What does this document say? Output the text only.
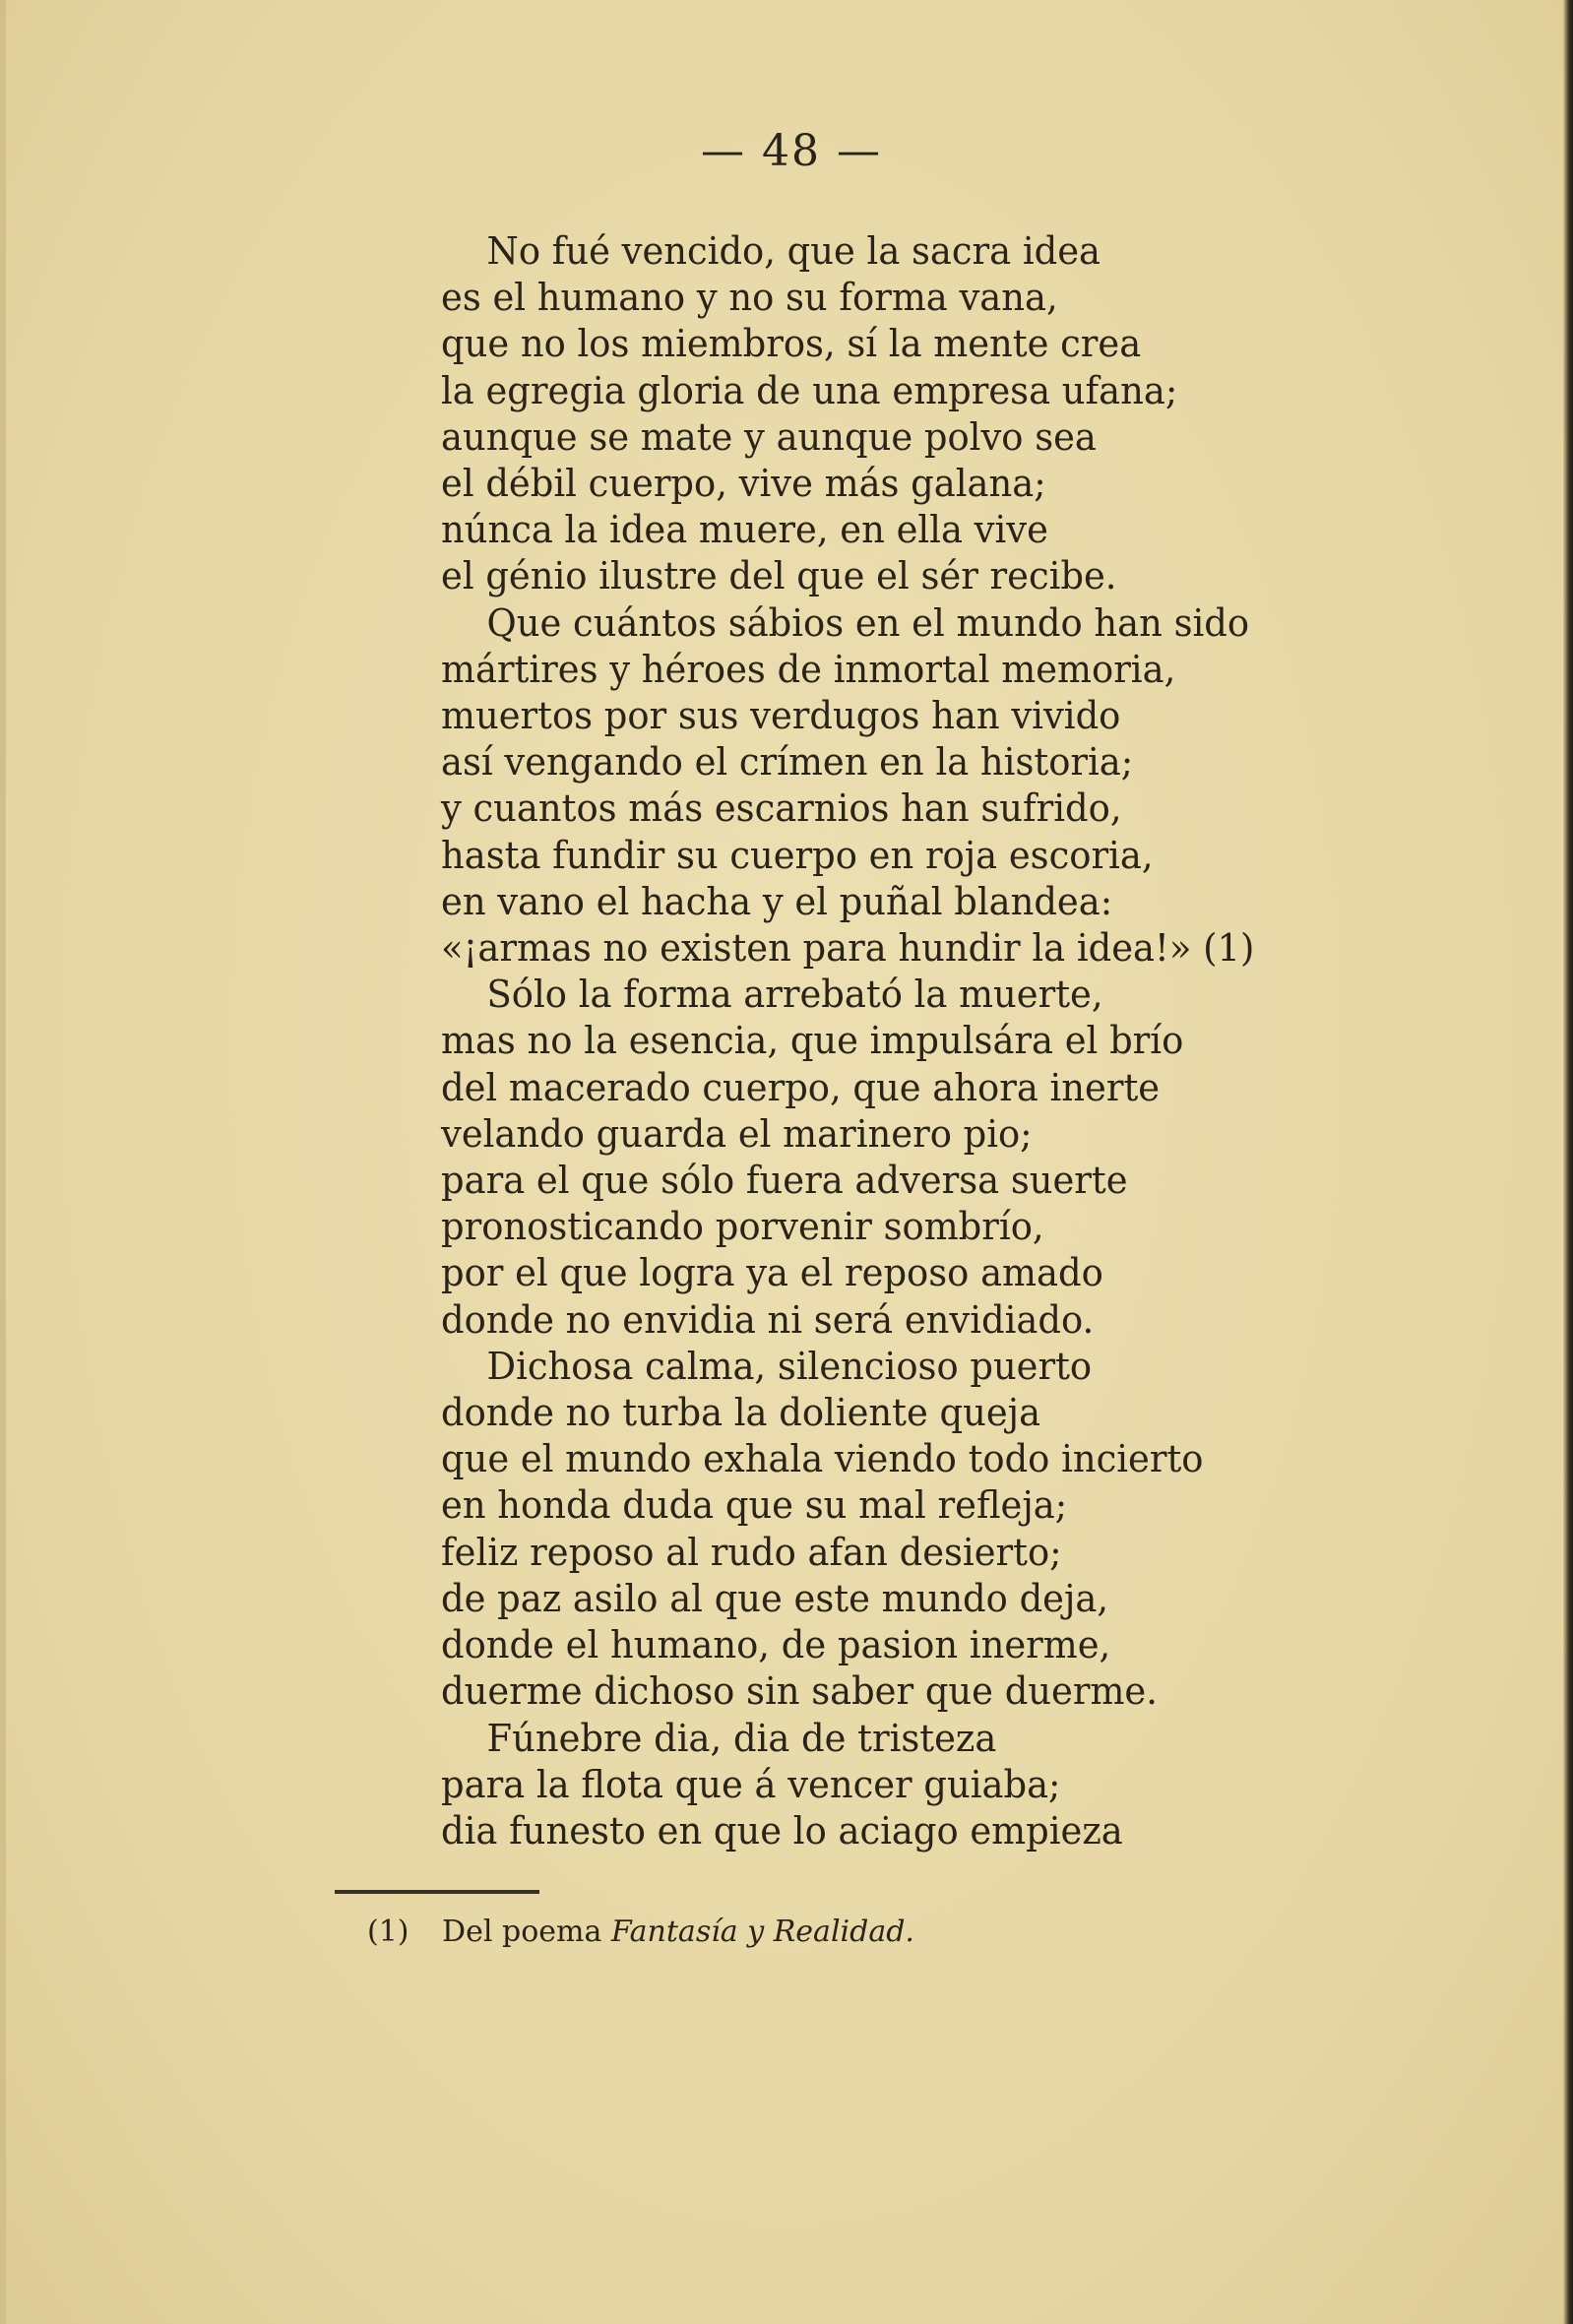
— 48 —
No fué vencido, que la sacra idea
es el humano y no su forma vana,
que no los miembros, sí la mente crea
la egregia gloria de una empresa ufana;
aunque se mate y aunque polvo sea
el débil cuerpo, vive más galana;
núnca la idea muere, en ella vive
el génio ilustre del que el sér recibe.
Que cuántos sábios en el mundo han sido
mártires y héroes de inmortal memoria,
muertos por sus verdugos han vivido
así vengando el crímen en la historia;
y cuantos más escarnios han sufrido,
hasta fundir su cuerpo en roja escoria,
en vano el hacha y el puñal blandea:
«¡armas no existen para hundir la idea!» (1)
Sólo la forma arrebató la muerte,
mas no la esencia, que impulsára el brío
del macerado cuerpo, que ahora inerte
velando guarda el marinero pio;
para el que sólo fuera adversa suerte
pronosticando porvenir sombrío,
por el que logra ya el reposo amado
donde no envidia ni será envidiado.
Dichosa calma, silencioso puerto
donde no turba la doliente queja
que el mundo exhala viendo todo incierto
en honda duda que su mal refleja;
feliz reposo al rudo afan desierto;
de paz asilo al que este mundo deja,
donde el humano, de pasion inerme,
duerme dichoso sin saber que duerme.
Fúnebre dia, dia de tristeza
para la flota que á vencer guiaba;
dia funesto en que lo aciago empieza
(1) Del poema Fantasía y Realidad.
